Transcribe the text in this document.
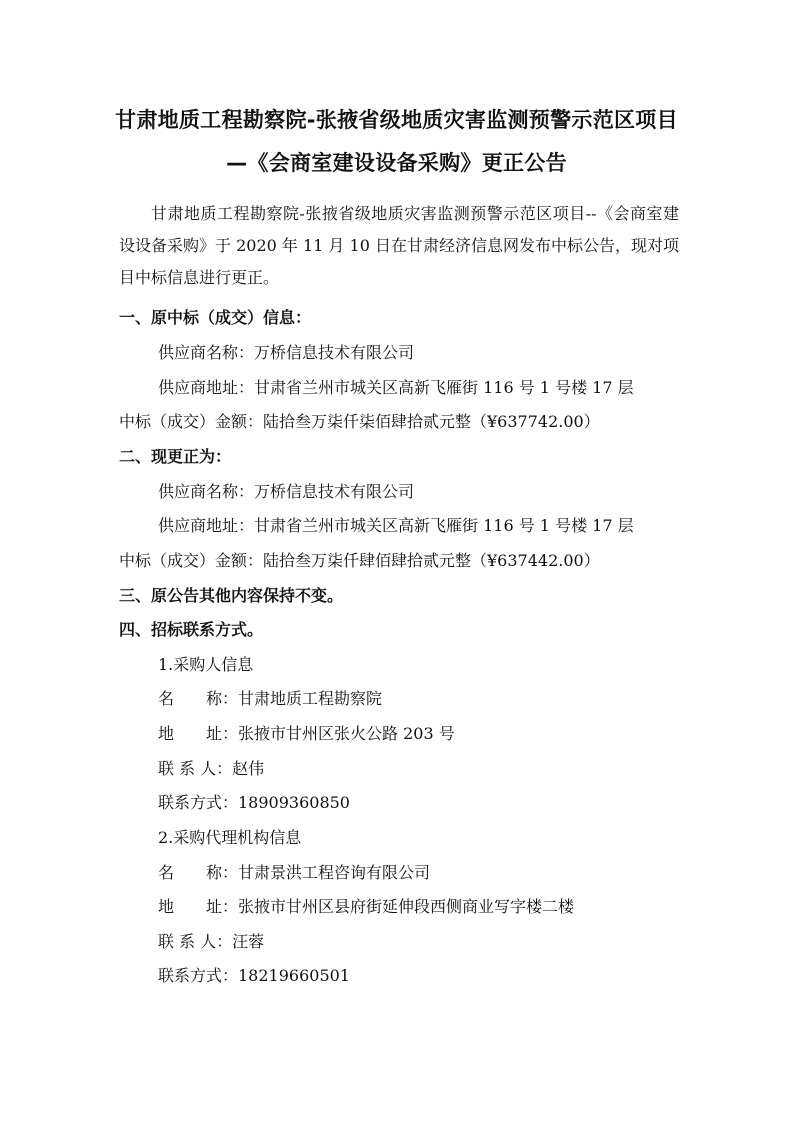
甘肃地质工程勘察院-张掖省级地质灾害监测预警示范区项目
—《会商室建设设备采购》更正公告
甘肃地质工程勘察院-张掖省级地质灾害监测预警示范区项目--《会商室建设设备采购》于 2020 年 11 月 10 日在甘肃经济信息网发布中标公告，现对项目中标信息进行更正。
一、原中标（成交）信息：
供应商名称：万桥信息技术有限公司
供应商地址：甘肃省兰州市城关区高新飞雁街 116 号 1 号楼 17 层
中标（成交）金额：陆拾叁万柒仟柒佰肆拾贰元整（¥637742.00）
二、现更正为：
供应商名称：万桥信息技术有限公司
供应商地址：甘肃省兰州市城关区高新飞雁街 116 号 1 号楼 17 层
中标（成交）金额：陆拾叁万柒仟肆佰肆拾贰元整（¥637442.00）
三、原公告其他内容保持不变。
四、招标联系方式。
1.采购人信息
名　　称：甘肃地质工程勘察院
地　　址：张掖市甘州区张火公路 203 号
联 系 人：赵伟
联系方式：18909360850
2.采购代理机构信息
名　　称：甘肃景洪工程咨询有限公司
地　　址：张掖市甘州区县府街延伸段西侧商业写字楼二楼
联 系 人：汪蓉
联系方式：18219660501
